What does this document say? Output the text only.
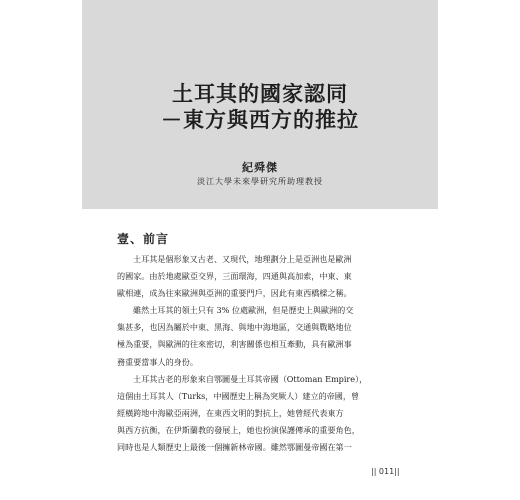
土耳其的國家認同
－東方與西方的推拉
紀舜傑
淡江大學未來學研究所助理教授
壹、前言
土耳其是個形象又古老、又現代，地理劃分上是亞洲也是歐洲
的國家。由於地處歐亞交界，三面環海，四通與高加索，中東、東
歐相連，成為往來歐洲與亞洲的重要門戶，因此有東西橋樑之稱。
雖然土耳其的領土只有 3% 位處歐洲，但是歷史上與歐洲的交
集甚多，也因為屬於中東、黑海、與地中海地區，交通與戰略地位
極為重要，與歐洲的往來密切，利害關係也相互牽動，具有歐洲事
務重要當事人的身份。
土耳其古老的形象來自鄂圖曼土耳其帝國（Ottoman Empire），
這個由土耳其人（Turks，中國歷史上稱為突厥人）建立的帝國，曾
經橫跨地中海歐亞兩洲，在東西文明的對抗上，她曾經代表東方
與西方抗衡，在伊斯蘭教的發展上，她也扮演保護傳承的重要角色，
同時也是人類歷史上最後一個擁新林帝國。雖然鄂圖曼帝國在第一
|| 011||
